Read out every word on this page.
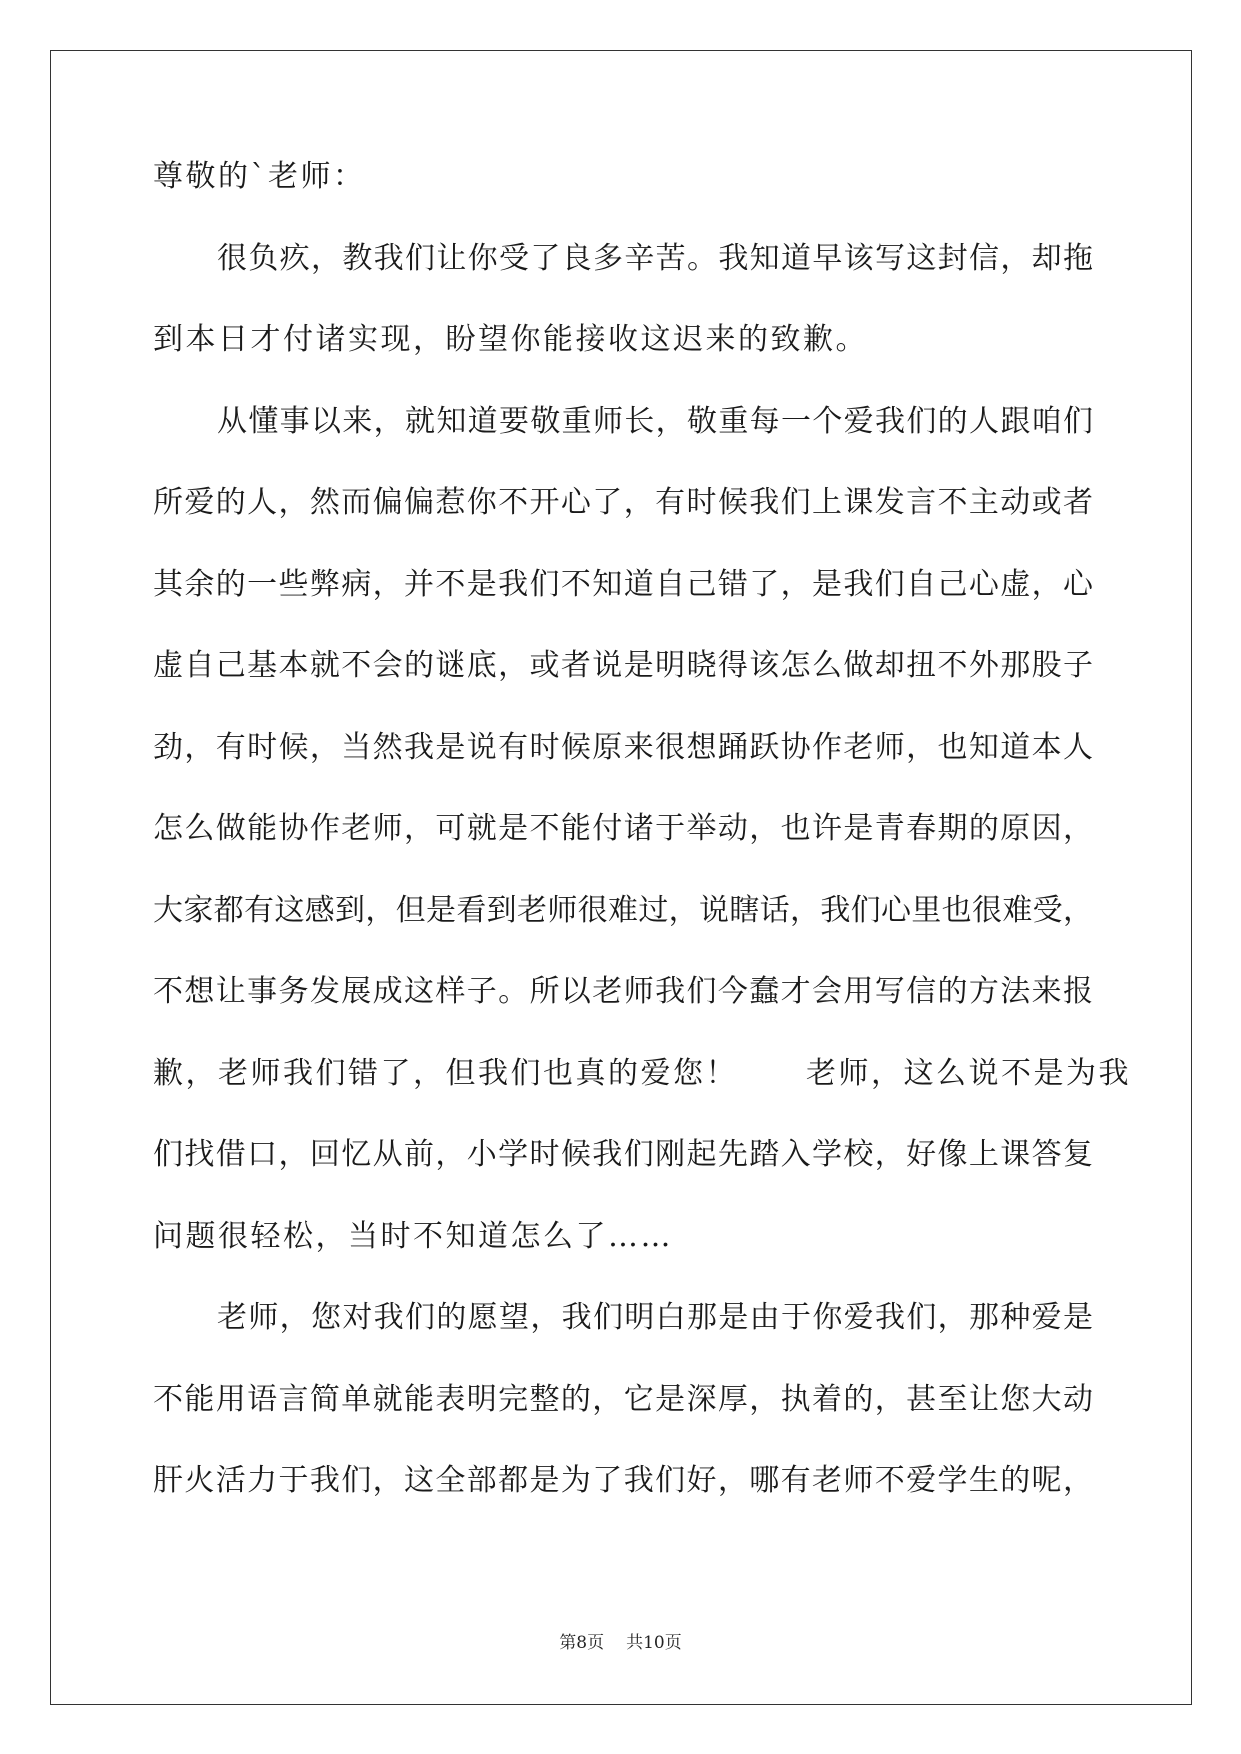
尊敬的`老师：
很负疚，教我们让你受了良多辛苦。我知道早该写这封信，却拖
到本日才付诸实现，盼望你能接收这迟来的致歉。
从懂事以来，就知道要敬重师长，敬重每一个爱我们的人跟咱们
所爱的人，然而偏偏惹你不开心了，有时候我们上课发言不主动或者
其余的一些弊病，并不是我们不知道自己错了，是我们自己心虚，心
虚自己基本就不会的谜底，或者说是明晓得该怎么做却扭不外那股子
劲，有时候，当然我是说有时候原来很想踊跃协作老师，也知道本人
怎么做能协作老师，可就是不能付诸于举动，也许是青春期的原因，
大家都有这感到，但是看到老师很难过，说瞎话，我们心里也很难受，
不想让事务发展成这样子。所以老师我们今蠢才会用写信的方法来报
歉，老师我们错了，但我们也真的爱您！ 老师，这么说不是为我
们找借口，回忆从前，小学时候我们刚起先踏入学校，好像上课答复
问题很轻松，当时不知道怎么了……
老师，您对我们的愿望，我们明白那是由于你爱我们，那种爱是
不能用语言简单就能表明完整的，它是深厚，执着的，甚至让您大动
肝火活力于我们，这全部都是为了我们好，哪有老师不爱学生的呢，
第8页 共10页
